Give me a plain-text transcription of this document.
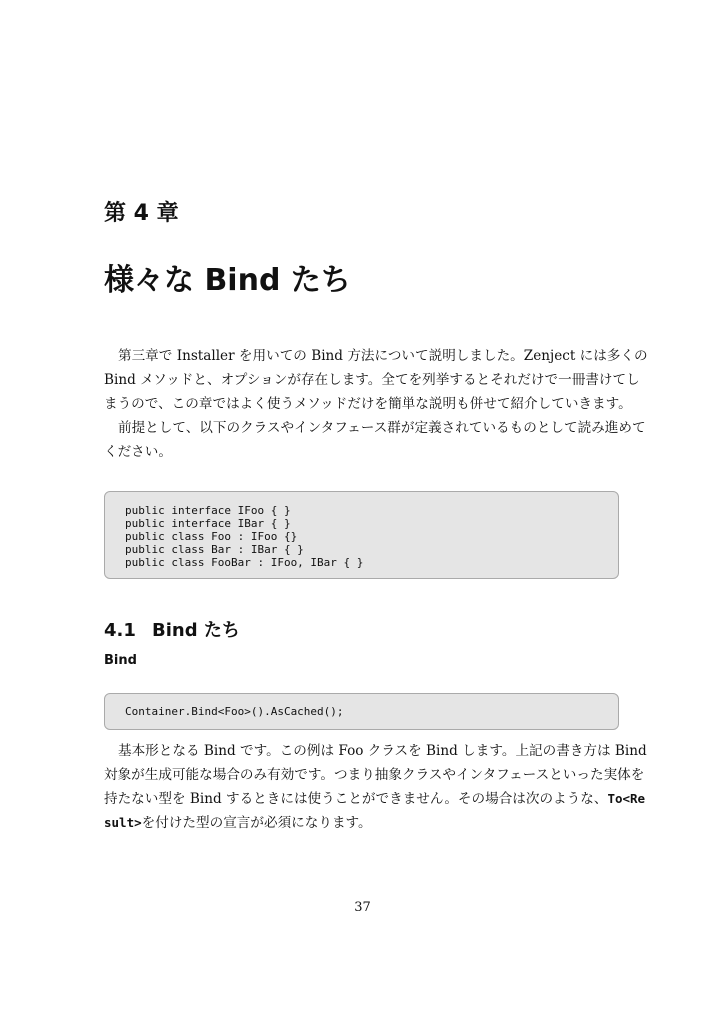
第 4 章
様々な Bind たち
第三章で Installer を用いての Bind 方法について説明しました。Zenject には多くの
Bind メソッドと、オプションが存在します。全てを列挙するとそれだけで一冊書けてし
まうので、この章ではよく使うメソッドだけを簡単な説明も併せて紹介していきます。
前提として、以下のクラスやインタフェース群が定義されているものとして読み進めて
ください。
public interface IFoo { }
public interface IBar { }
public class Foo : IFoo {}
public class Bar : IBar { }
public class FooBar : IFoo, IBar { }
4.1 Bind たち
Bind
Container.Bind<Foo>().AsCached();
基本形となる Bind です。この例は Foo クラスを Bind します。上記の書き方は Bind
対象が生成可能な場合のみ有効です。つまり抽象クラスやインタフェースといった実体を
持たない型を Bind するときには使うことができません。その場合は次のような、 To<Re
sult>を付けた型の宣言が必須になります。
37
